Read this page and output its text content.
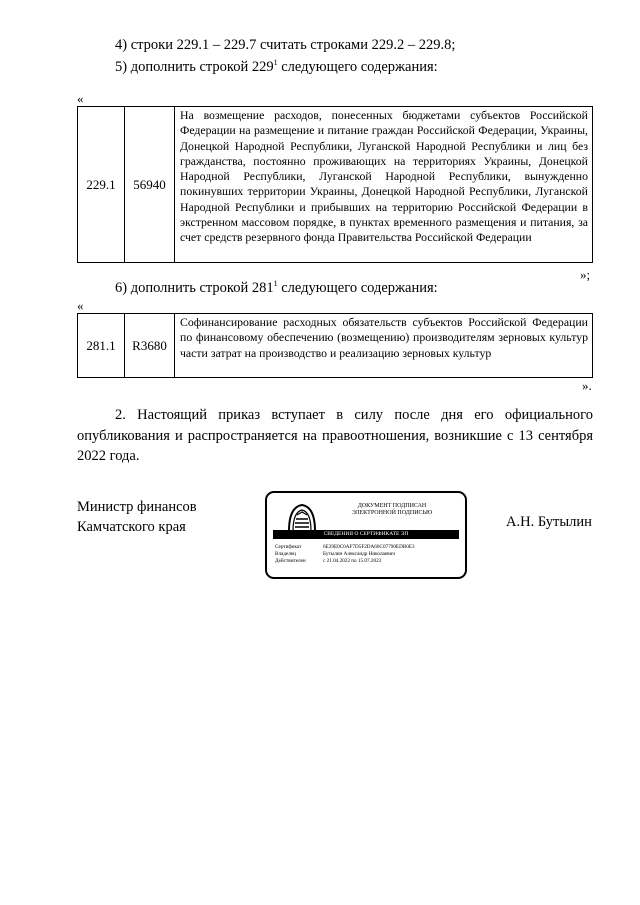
4) строки 229.1 – 229.7 считать строками 229.2 – 229.8;
5) дополнить строкой $229^1$ следующего содержания:
«
229.1	56940	На возмещение расходов, понесенных бюджетами субъектов Российской Федерации на размещение и питание граждан Российской Федерации, Украины, Донецкой Народной Республики, Луганской Народной Республики и лиц без гражданства, постоянно проживающих на территориях Украины, Донецкой Народной Республики, Луганской Народной Республики, вынужденно покинувших территории Украины, Донецкой Народной Республики, Луганской Народной Республики и прибывших на территорию Российской Федерации в экстренном массовом порядке, в пунктах временного размещения и питания, за счет средств резервного фонда Правительства Российской Федерации
»;
6) дополнить строкой $281^1$ следующего содержания:
«
281.1	R3680	Софинансирование расходных обязательств субъектов Российской Федерации по финансовому обеспечению (возмещению) производителям зерновых культур части затрат на производство и реализацию зерновых культур
».
2. Настоящий приказ вступает в силу после дня его официального опубликования и распространяется на правоотношения, возникшие с 13 сентября 2022 года.
Министр финансов
Камчатского края
ДОКУМЕНТ ПОДПИСАН
ЭЛЕКТРОННОЙ ПОДПИСЬЮ
СВЕДЕНИЯ О СЕРТИФИКАТЕ ЭП
Сертификат	6E39E0C0AF7D5F2DA60C07790EDB0E3
Владелец	Бутылин Александр Николаевич
Действителен	с 21.04.2022 по 15.07.2023
А.Н. Бутылин
